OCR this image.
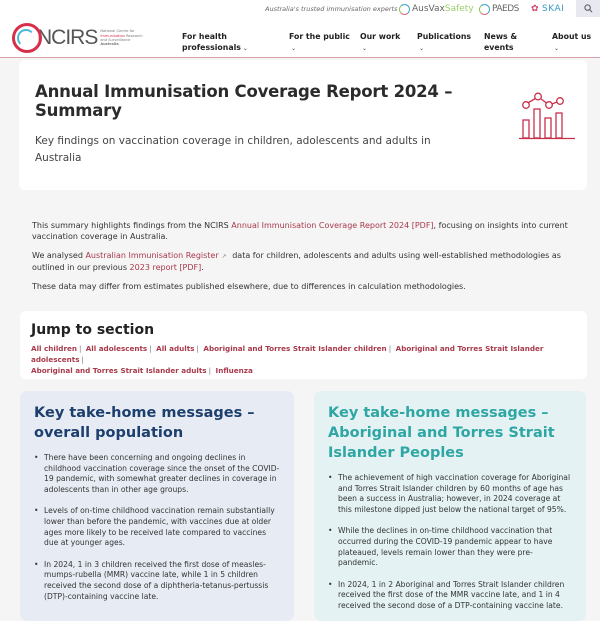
Australia's trusted immunisation experts AusVax Safety PAEDS ✿ SKAI
NCIRS National Centre for
Immunisation Research
and Surveillance
Australia
For health
professionals ⌄
For the public
⌄
Our work
⌄
Publications
⌄
News &
events
About us
⌄
Annual Immunisation Coverage Report 2024 – Summary

Key findings on vaccination coverage in children, adolescents and adults in Australia

This summary highlights findings from the NCIRS Annual Immunisation Coverage Report 2024 [PDF], focusing on insights into current vaccination coverage in Australia.

We analysed Australian Immunisation Register ↗ data for children, adolescents and adults using well-established methodologies as outlined in our previous 2023 report [PDF].

These data may differ from estimates published elsewhere, due to differences in calculation methodologies.

Jump to section
All children | All adolescents | All adults | Aboriginal and Torres Strait Islander children | Aboriginal and Torres Strait Islander adolescents |
Aboriginal and Torres Strait Islander adults | Influenza
Key take-home messages – overall population
• There have been concerning and ongoing declines in childhood vaccination coverage since the onset of the COVID-19 pandemic, with somewhat greater declines in coverage in adolescents than in other age groups.
• Levels of on-time childhood vaccination remain substantially lower than before the pandemic, with vaccines due at older ages more likely to be received late compared to vaccines due at younger ages.
• In 2024, 1 in 3 children received the first dose of measles-mumps-rubella (MMR) vaccine late, while 1 in 5 children received the second dose of a diphtheria-tetanus-pertussis (DTP)-containing vaccine late.
Key take-home messages – Aboriginal and Torres Strait Islander Peoples
• The achievement of high vaccination coverage for Aboriginal and Torres Strait Islander children by 60 months of age has been a success in Australia; however, in 2024 coverage at this milestone dipped just below the national target of 95%.
• While the declines in on-time childhood vaccination that occurred during the COVID-19 pandemic appear to have plateaued, levels remain lower than they were pre-pandemic.
• In 2024, 1 in 2 Aboriginal and Torres Strait Islander children received the first dose of the MMR vaccine late, and 1 in 4 received the second dose of a DTP-containing vaccine late.
